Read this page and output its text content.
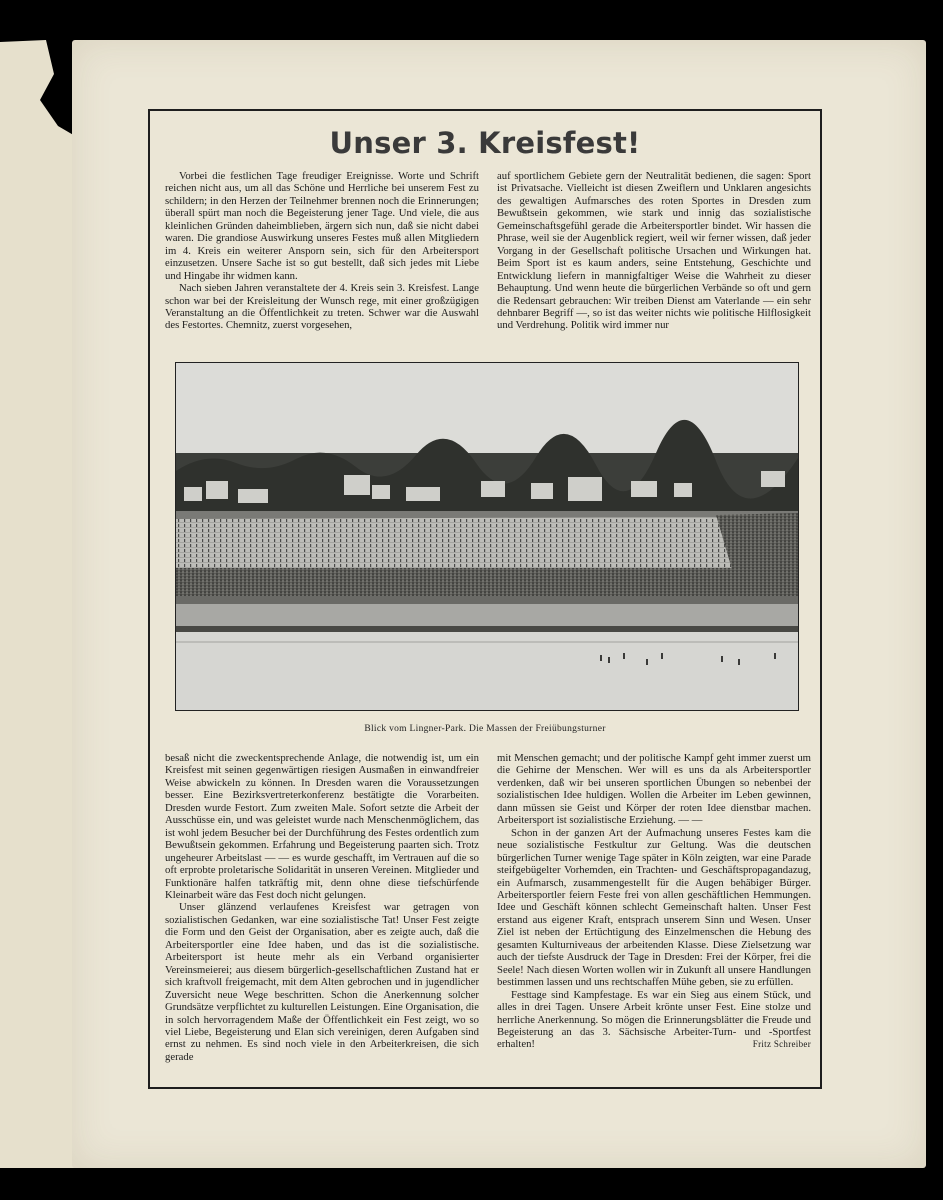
Unser 3. Kreisfest!

Vorbei die festlichen Tage freudiger Ereignisse. Worte und Schrift reichen nicht aus, um all das Schöne und Herrliche bei unserem Fest zu schildern; in den Herzen der Teilnehmer brennen noch die Erinnerungen; überall spürt man noch die Begeisterung jener Tage. Und viele, die aus kleinlichen Gründen daheimblieben, ärgern sich nun, daß sie nicht dabei waren. Die grandiose Auswirkung unseres Festes muß allen Mitgliedern im 4. Kreis ein weiterer Ansporn sein, sich für den Arbeitersport einzusetzen. Unsere Sache ist so gut bestellt, daß sich jedes mit Liebe und Hingabe ihr widmen kann.

Nach sieben Jahren veranstaltete der 4. Kreis sein 3. Kreisfest. Lange schon war bei der Kreisleitung der Wunsch rege, mit einer großzügigen Veranstaltung an die Öffentlichkeit zu treten. Schwer war die Auswahl des Festortes. Chemnitz, zuerst vorgesehen,

auf sportlichem Gebiete gern der Neutralität bedienen, die sagen: Sport ist Privatsache. Vielleicht ist diesen Zweiflern und Unklaren angesichts des gewaltigen Aufmarsches des roten Sportes in Dresden zum Bewußtsein gekommen, wie stark und innig das sozialistische Gemeinschaftsgefühl gerade die Arbeitersportler bindet. Wir hassen die Phrase, weil sie der Augenblick regiert, weil wir ferner wissen, daß jeder Vorgang in der Gesellschaft politische Ursachen und Wirkungen hat. Beim Sport ist es kaum anders, seine Entstehung, Geschichte und Entwicklung liefern in mannigfaltiger Weise die Wahrheit zu dieser Behauptung. Und wenn heute die bürgerlichen Verbände so oft und gern die Redensart gebrauchen: Wir treiben Dienst am Vaterlande — ein sehr dehnbarer Begriff —, so ist das weiter nichts wie politische Hilflosigkeit und Verdrehung. Politik wird immer nur

Blick vom Lingner-Park. Die Massen der Freiübungsturner

besaß nicht die zweckentsprechende Anlage, die notwendig ist, um ein Kreisfest mit seinen gegenwärtigen riesigen Ausmaßen in einwandfreier Weise abwickeln zu können. In Dresden waren die Voraussetzungen besser. Eine Bezirksvertreterkonferenz bestätigte die Vorarbeiten. Dresden wurde Festort. Zum zweiten Male. Sofort setzte die Arbeit der Ausschüsse ein, und was geleistet wurde nach Menschenmöglichem, das ist wohl jedem Besucher bei der Durchführung des Festes ordentlich zum Bewußtsein gekommen. Erfahrung und Begeisterung paarten sich. Trotz ungeheurer Arbeitslast — — es wurde geschafft, im Vertrauen auf die so oft erprobte proletarische Solidarität in unseren Vereinen. Mitglieder und Funktionäre halfen tatkräftig mit, denn ohne diese tiefschürfende Kleinarbeit wäre das Fest doch nicht gelungen.

Unser glänzend verlaufenes Kreisfest war getragen von sozialistischen Gedanken, war eine sozialistische Tat! Unser Fest zeigte die Form und den Geist der Organisation, aber es zeigte auch, daß die Arbeitersportler eine Idee haben, und das ist die sozialistische. Arbeitersport ist heute mehr als ein Verband organisierter Vereinsmeierei; aus diesem bürgerlich-gesellschaftlichen Zustand hat er sich kraftvoll freigemacht, mit dem Alten gebrochen und in jugendlicher Zuversicht neue Wege beschritten. Schon die Anerkennung solcher Grundsätze verpflichtet zu kulturellen Leistungen. Eine Organisation, die in solch hervorragendem Maße der Öffentlichkeit ein Fest zeigt, wo so viel Liebe, Begeisterung und Elan sich vereinigen, deren Aufgaben sind ernst zu nehmen. Es sind noch viele in den Arbeiterkreisen, die sich gerade

mit Menschen gemacht; und der politische Kampf geht immer zuerst um die Gehirne der Menschen. Wer will es uns da als Arbeitersportler verdenken, daß wir bei unseren sportlichen Übungen so nebenbei der sozialistischen Idee huldigen. Wollen die Arbeiter im Leben gewinnen, dann müssen sie Geist und Körper der roten Idee dienstbar machen. Arbeitersport ist sozialistische Erziehung. — —

Schon in der ganzen Art der Aufmachung unseres Festes kam die neue sozialistische Festkultur zur Geltung. Was die deutschen bürgerlichen Turner wenige Tage später in Köln zeigten, war eine Parade steifgebügelter Vorhemden, ein Trachten- und Geschäftspropagandazug, ein Aufmarsch, zusammengestellt für die Augen behäbiger Bürger. Arbeitersportler feiern Feste frei von allen geschäftlichen Hemmungen. Idee und Geschäft können schlecht Gemeinschaft halten. Unser Fest erstand aus eigener Kraft, entsprach unserem Sinn und Wesen. Unser Ziel ist neben der Ertüchtigung des Einzelmenschen die Hebung des gesamten Kulturniveaus der arbeitenden Klasse. Diese Zielsetzung war auch der tiefste Ausdruck der Tage in Dresden: Frei der Körper, frei die Seele! Nach diesen Worten wollen wir in Zukunft all unsere Handlungen bestimmen lassen und uns rechtschaffen Mühe geben, sie zu erfüllen.

Festtage sind Kampfestage. Es war ein Sieg aus einem Stück, und alles in drei Tagen. Unsere Arbeit krönte unser Fest. Eine stolze und herrliche Anerkennung. So mögen die Erinnerungsblätter die Freude und Begeisterung an das 3. Sächsische Arbeiter-Turn- und -Sportfest erhalten!	Fritz Schreiber
